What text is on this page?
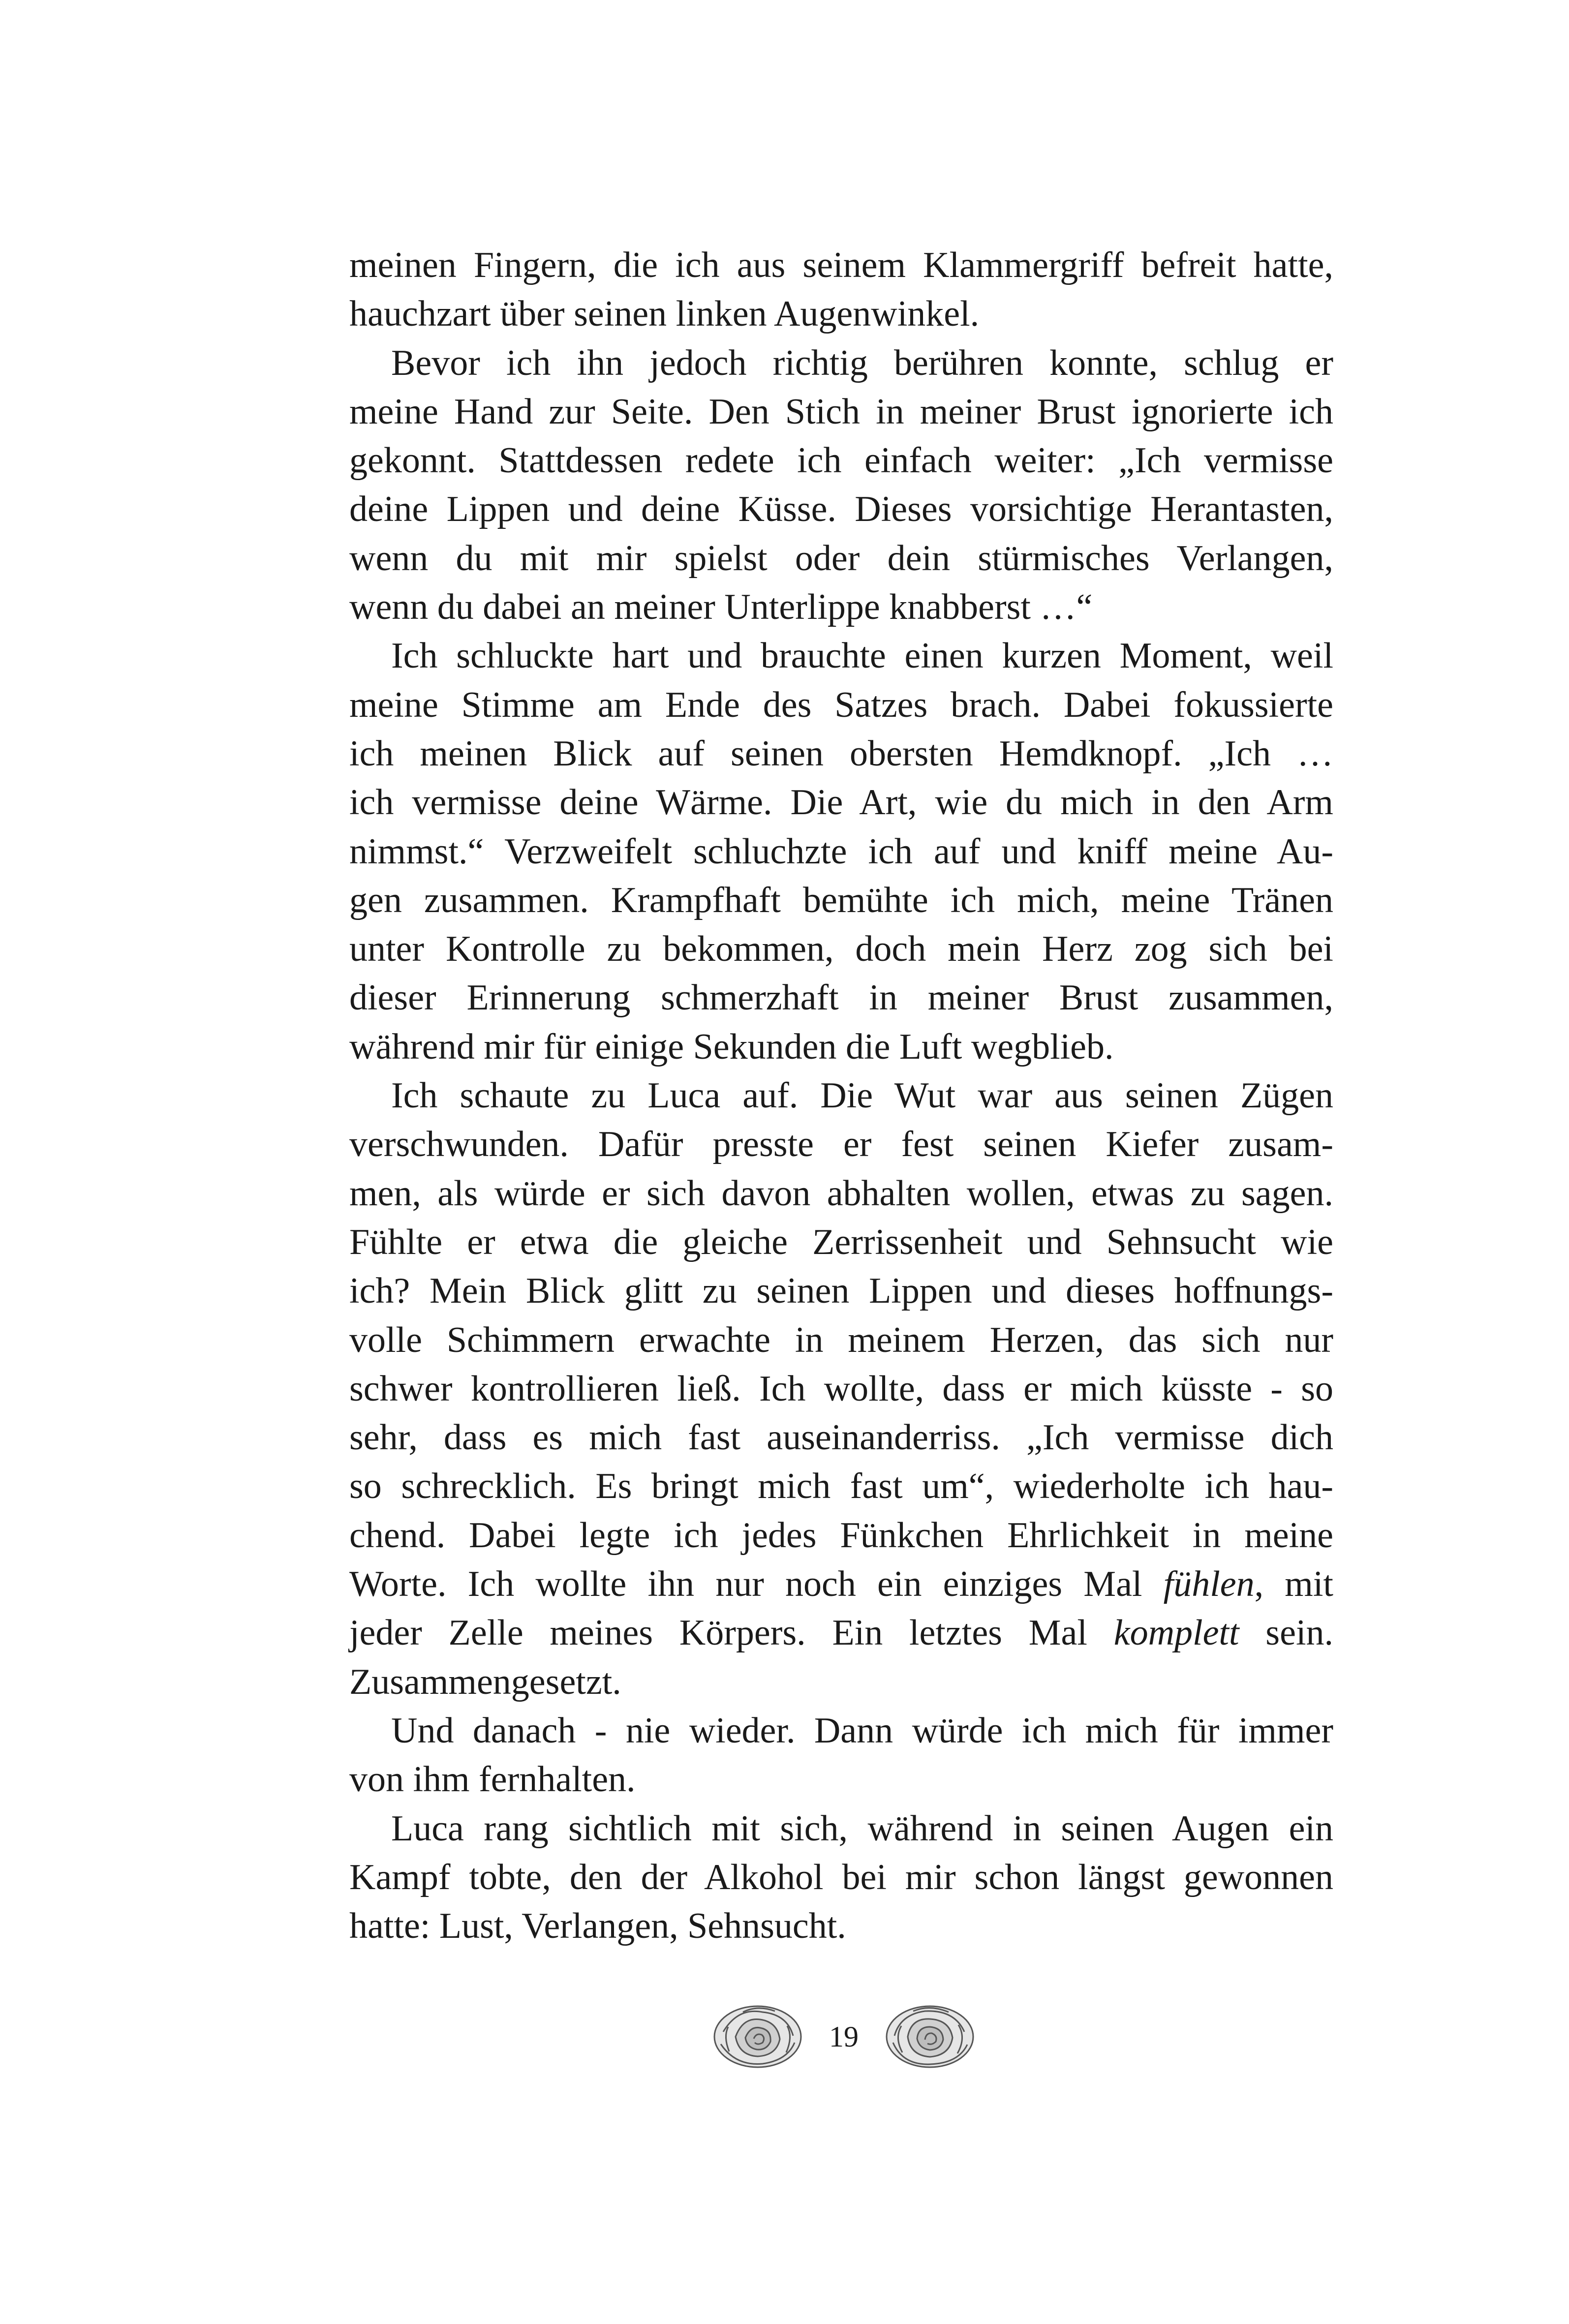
meinen Fingern, die ich aus seinem Klammergriff befreit hatte,
hauchzart über seinen linken Augenwinkel.
Bevor ich ihn jedoch richtig berühren konnte, schlug er
meine Hand zur Seite. Den Stich in meiner Brust ignorierte ich
gekonnt. Stattdessen redete ich einfach weiter: „Ich vermisse
deine Lippen und deine Küsse. Dieses vorsichtige Herantasten,
wenn du mit mir spielst oder dein stürmisches Verlangen,
wenn du dabei an meiner Unterlippe knabberst …“
Ich schluckte hart und brauchte einen kurzen Moment, weil
meine Stimme am Ende des Satzes brach. Dabei fokussierte
ich meinen Blick auf seinen obersten Hemdknopf. „Ich …
ich vermisse deine Wärme. Die Art, wie du mich in den Arm
nimmst.“ Verzweifelt schluchzte ich auf und kniff meine Au-
gen zusammen. Krampfhaft bemühte ich mich, meine Tränen
unter Kontrolle zu bekommen, doch mein Herz zog sich bei
dieser Erinnerung schmerzhaft in meiner Brust zusammen,
während mir für einige Sekunden die Luft wegblieb.
Ich schaute zu Luca auf. Die Wut war aus seinen Zügen
verschwunden. Dafür presste er fest seinen Kiefer zusam-
men, als würde er sich davon abhalten wollen, etwas zu sagen.
Fühlte er etwa die gleiche Zerrissenheit und Sehnsucht wie
ich? Mein Blick glitt zu seinen Lippen und dieses hoffnungs-
volle Schimmern erwachte in meinem Herzen, das sich nur
schwer kontrollieren ließ. Ich wollte, dass er mich küsste - so
sehr, dass es mich fast auseinanderriss. „Ich vermisse dich
so schrecklich. Es bringt mich fast um“, wiederholte ich hau-
chend. Dabei legte ich jedes Fünkchen Ehrlichkeit in meine
Worte. Ich wollte ihn nur noch ein einziges Mal fühlen, mit
jeder Zelle meines Körpers. Ein letztes Mal komplett sein.
Zusammengesetzt.
Und danach - nie wieder. Dann würde ich mich für immer
von ihm fernhalten.
Luca rang sichtlich mit sich, während in seinen Augen ein
Kampf tobte, den der Alkohol bei mir schon längst gewonnen
hatte: Lust, Verlangen, Sehnsucht.
19
